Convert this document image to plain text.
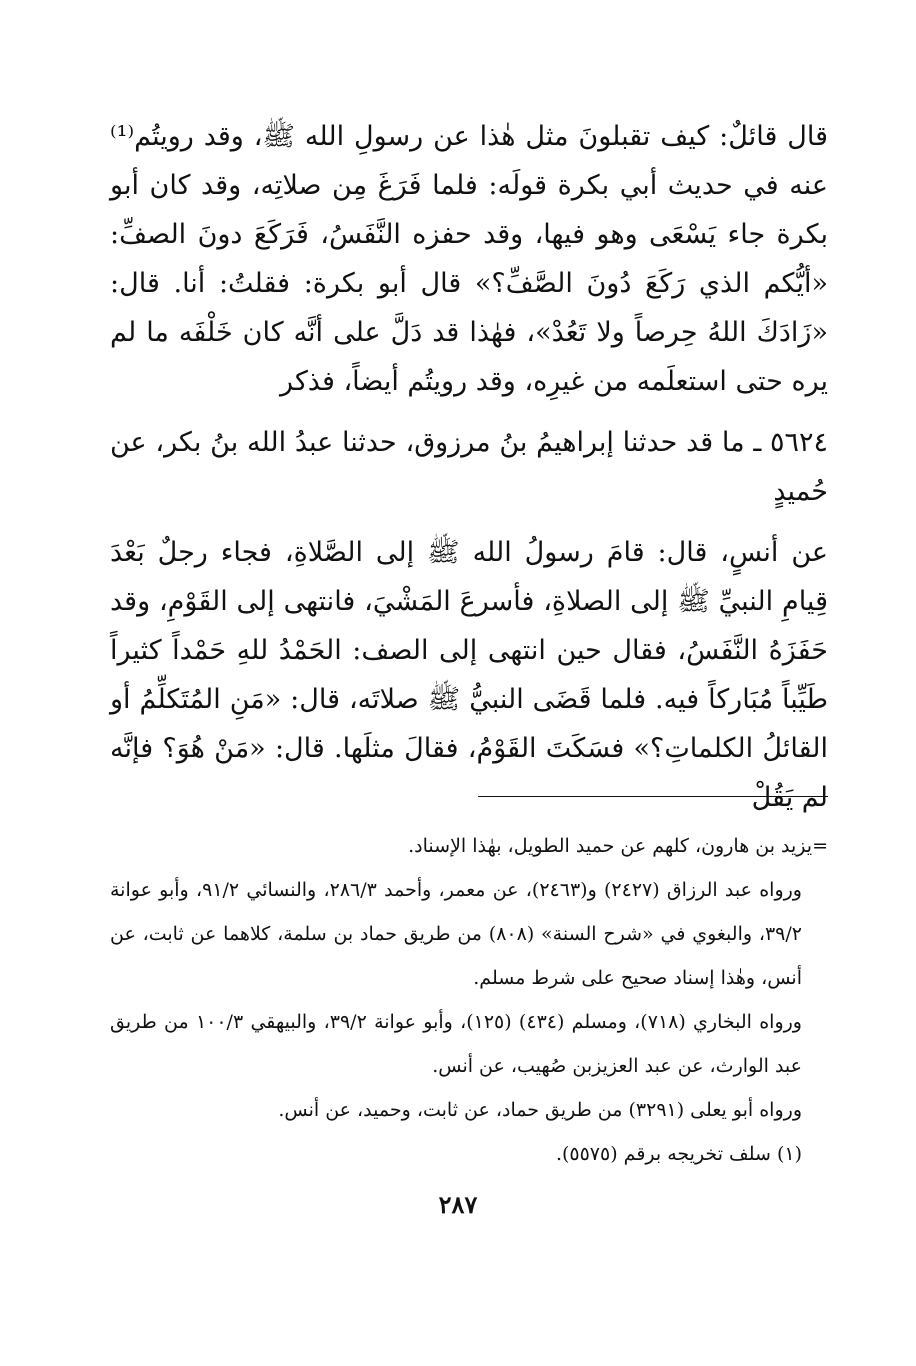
قال قائلٌ: كيف تقبلونَ مثل هٰذا عن رسولِ الله ﷺ، وقد رويتُم⁽¹⁾ عنه في حديث أبي بكرة قولَه: فلما فَرَغَ مِن صلاتِه، وقد كان أبو بكرة جاء يَسْعَى وهو فيها، وقد حفزه النَّفَسُ، فَرَكَعَ دونَ الصفِّ: «أيُّكم الذي رَكَعَ دُونَ الصَّفِّ؟» قال أبو بكرة: فقلتُ: أنا. قال: «زَادَكَ اللهُ حِرصاً ولا تَعُدْ»، فهٰذا قد دَلَّ على أنَّه كان خَلْفَه ما لم يره حتى استعلَمه من غيرِه، وقد رويتُم أيضاً، فذكر

٥٦٢٤ ـ ما قد حدثنا إبراهيمُ بنُ مرزوق، حدثنا عبدُ الله بنُ بكر، عن حُميدٍ

عن أنسٍ، قال: قامَ رسولُ الله ﷺ إلى الصَّلاةِ، فجاء رجلٌ بَعْدَ قِيامِ النبيِّ ﷺ إلى الصلاةِ، فأسرعَ المَشْيَ، فانتهى إلى القَوْمِ، وقد حَفَزَهُ النَّفَسُ، فقال حين انتهى إلى الصف: الحَمْدُ للهِ حَمْداً كثيراً طَيِّباً مُبَاركاً فيه. فلما قَضَى النبيُّ ﷺ صلاتَه، قال: «مَنِ المُتَكلِّمُ أو القائلُ الكلماتِ؟» فسَكَتَ القَوْمُ، فقالَ مثلَها. قال: «مَنْ هُوَ؟ فإنَّه لم يَقُلْ

=يزيد بن هارون، كلهم عن حميد الطويل، بهٰذا الإسناد.

ورواه عبد الرزاق (٢٤٢٧) و(٢٤٦٣)، عن معمر، وأحمد ٢٨٦/٣، والنسائي ٩١/٢، وأبو عوانة ٣٩/٢، والبغوي في «شرح السنة» (٨٠٨) من طريق حماد بن سلمة، كلاهما عن ثابت، عن أنس، وهٰذا إسناد صحيح على شرط مسلم.

ورواه البخاري (٧١٨)، ومسلم (٤٣٤) (١٢٥)، وأبو عوانة ٣٩/٢، والبيهقي ١٠٠/٣ من طريق عبد الوارث، عن عبد العزيزبن صُهيب، عن أنس.

ورواه أبو يعلى (٣٢٩١) من طريق حماد، عن ثابت، وحميد، عن أنس.

(١) سلف تخريجه برقم (٥٥٧٥).

٢٨٧
